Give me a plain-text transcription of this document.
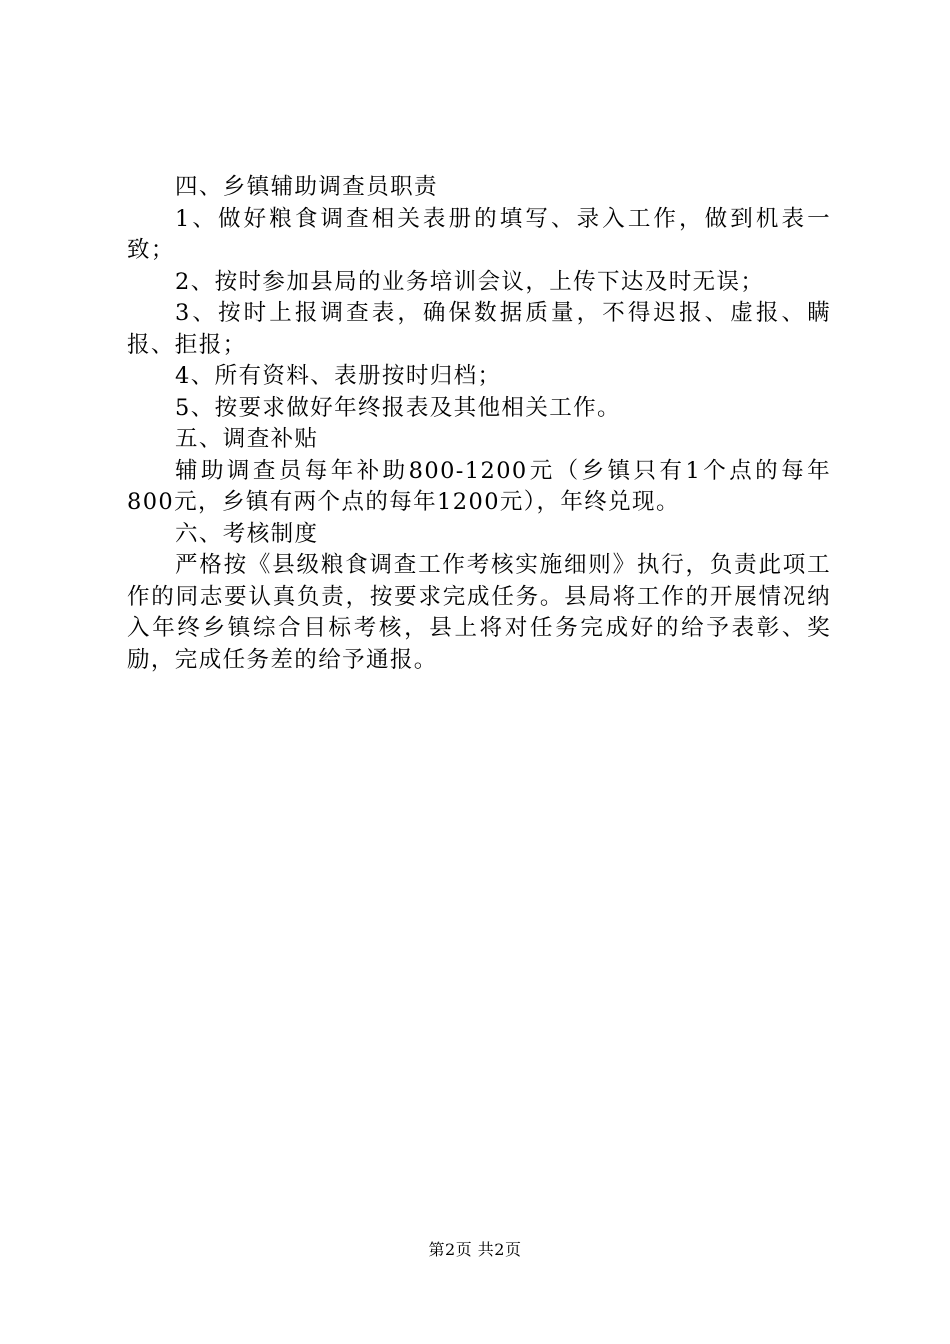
四、乡镇辅助调查员职责

1、做好粮食调查相关表册的填写、录入工作，做到机表一致；

2、按时参加县局的业务培训会议，上传下达及时无误；

3、按时上报调查表，确保数据质量，不得迟报、虚报、瞒报、拒报；

4、所有资料、表册按时归档；

5、按要求做好年终报表及其他相关工作。

五、调查补贴

辅助调查员每年补助800-1200元（乡镇只有1个点的每年800元，乡镇有两个点的每年1200元），年终兑现。

六、考核制度

严格按《县级粮食调查工作考核实施细则》执行，负责此项工作的同志要认真负责，按要求完成任务。县局将工作的开展情况纳入年终乡镇综合目标考核，县上将对任务完成好的给予表彰、奖励，完成任务差的给予通报。

第2页 共2页
